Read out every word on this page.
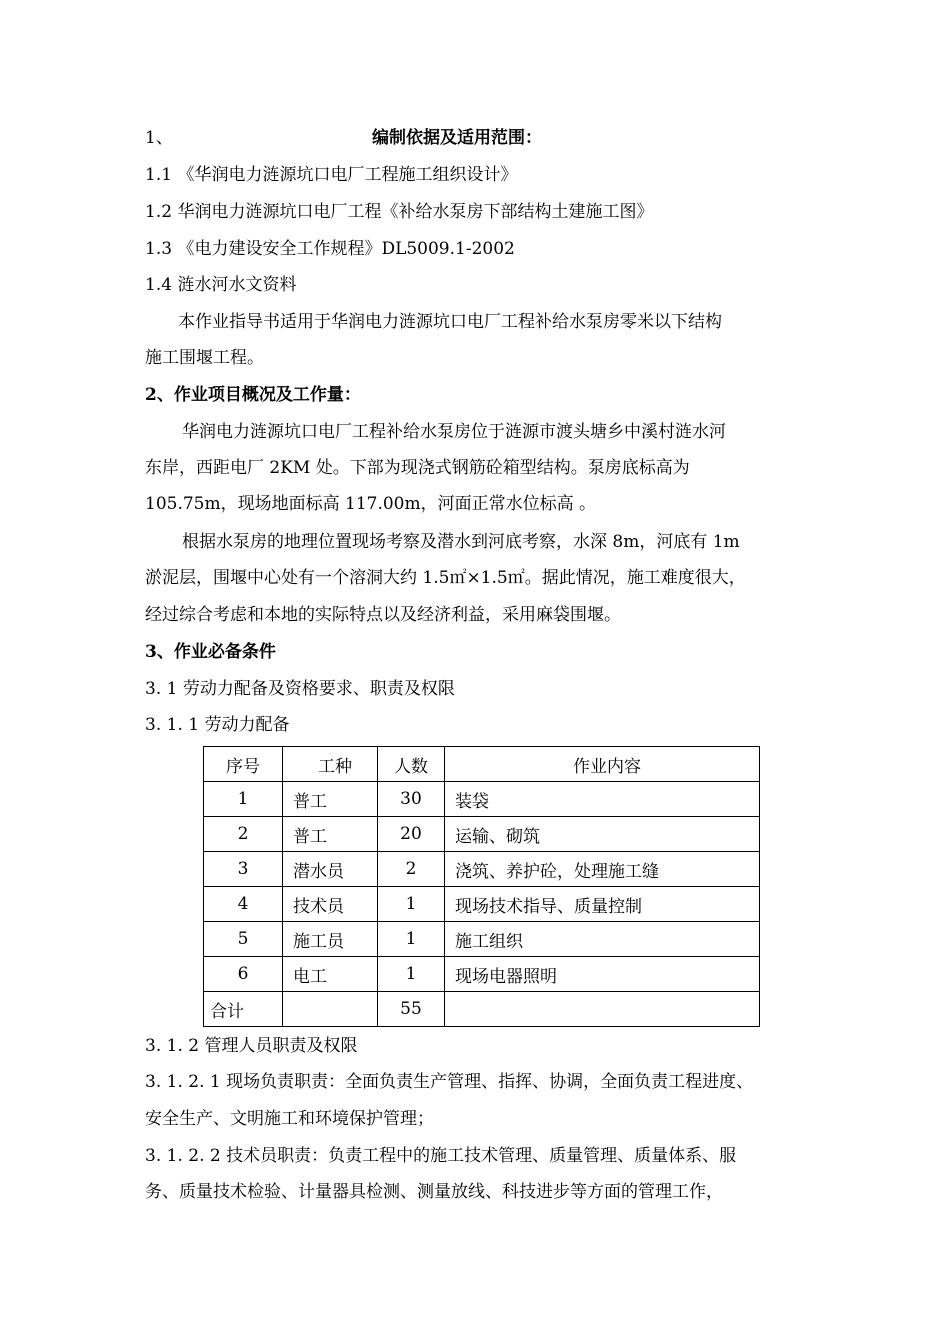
1、	编制依据及适用范围：
1.1 《华润电力涟源坑口电厂工程施工组织设计》
1.2 华润电力涟源坑口电厂工程《补给水泵房下部结构土建施工图》
1.3 《电力建设安全工作规程》DL5009.1-2002
1.4 涟水河水文资料
本作业指导书适用于华润电力涟源坑口电厂工程补给水泵房零米以下结构
施工围堰工程。
2、作业项目概况及工作量：
华润电力涟源坑口电厂工程补给水泵房位于涟源市渡头塘乡中溪村涟水河
东岸，西距电厂 2KM 处。下部为现浇式钢筋砼箱型结构。泵房底标高为
105.75m，现场地面标高 117.00m，河面正常水位标高 。
根据水泵房的地理位置现场考察及潜水到河底考察，水深 8m，河底有 1m
淤泥层，围堰中心处有一个溶洞大约 1.5㎡×1.5㎡。据此情况，施工难度很大，
经过综合考虑和本地的实际特点以及经济利益，采用麻袋围堰。
3、作业必备条件
3. 1 劳动力配备及资格要求、职责及权限
3. 1. 1 劳动力配备
序号	工种	人数	作业内容
1	普工	30	装袋
2	普工	20	运输、砌筑
3	潜水员	2	浇筑、养护砼，处理施工缝
4	技术员	1	现场技术指导、质量控制
5	施工员	1	施工组织
6	电工	1	现场电器照明
合计		55	
3. 1. 2 管理人员职责及权限
3. 1. 2. 1 现场负责职责：全面负责生产管理、指挥、协调，全面负责工程进度、
安全生产、文明施工和环境保护管理；
3. 1. 2. 2 技术员职责：负责工程中的施工技术管理、质量管理、质量体系、服
务、质量技术检验、计量器具检测、测量放线、科技进步等方面的管理工作，
